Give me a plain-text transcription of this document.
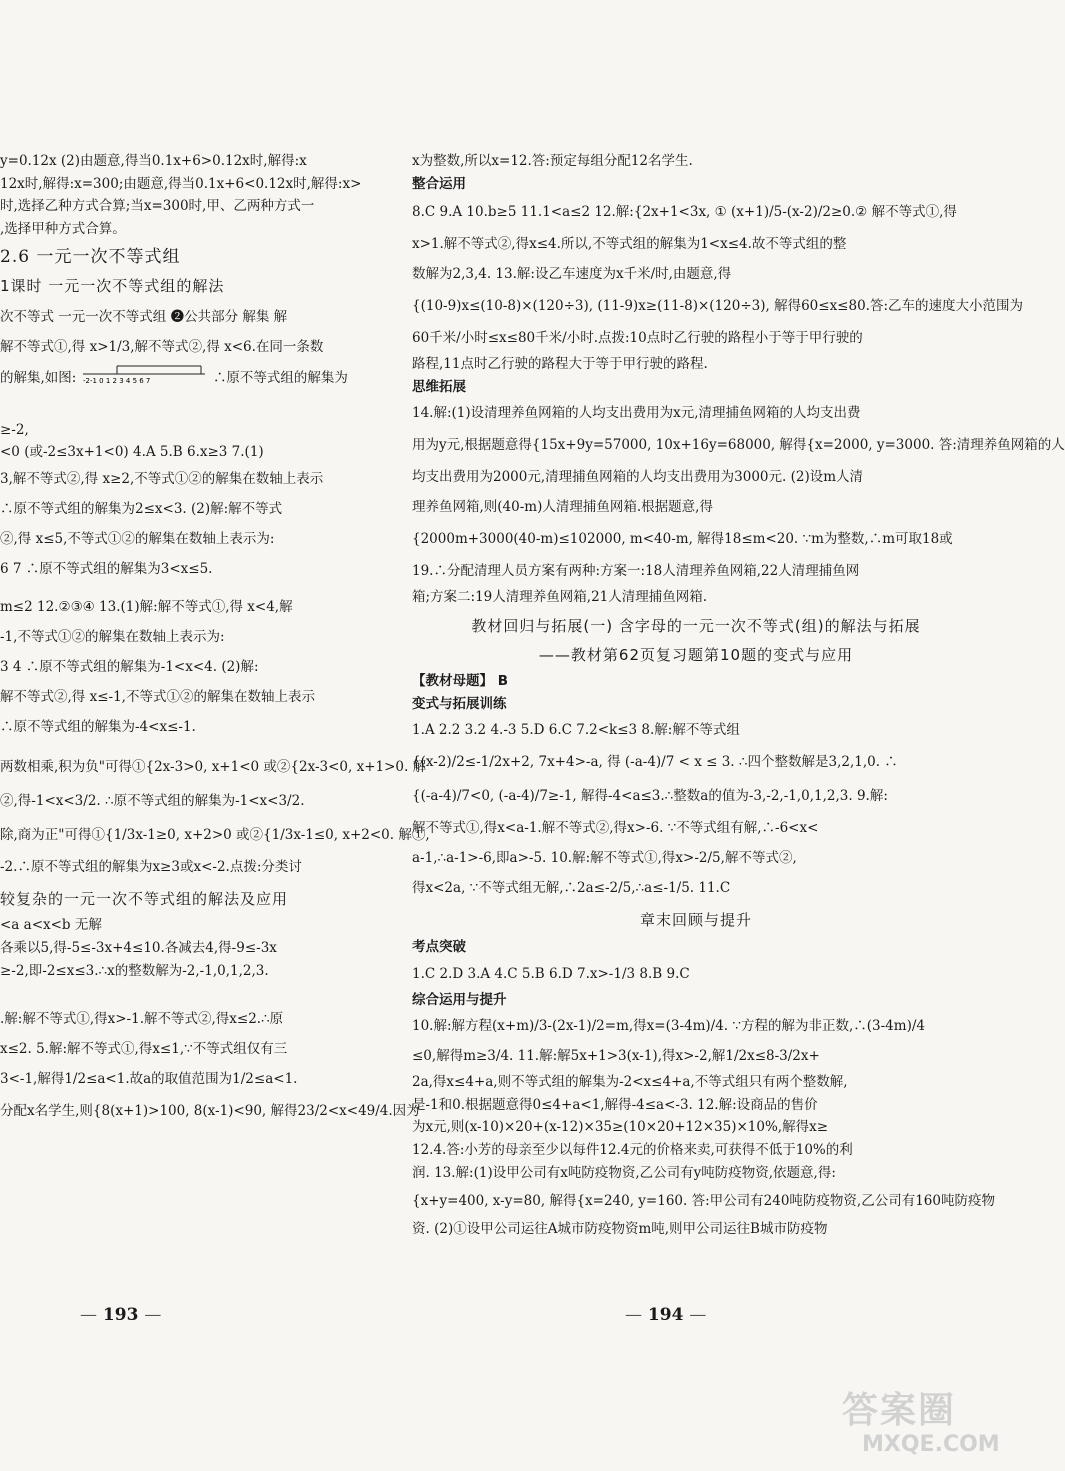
y=0.12x (2)由题意,得当0.1x+6>0.12x时,解得:x
12x时,解得:x=300;由题意,得当0.1x+6<0.12x时,解得:x>
时,选择乙种方式合算;当x=300时,甲、乙两种方式一
,选择甲种方式合算。
2.6 一元一次不等式组
1课时 一元一次不等式组的解法
次不等式 一元一次不等式组 ❷公共部分 解集 解
解不等式①,得 x>1/3,解不等式②,得 x<6.在同一条数
的解集,如图: -2-1 0 1 2 3 4 5 6 7	∴原不等式组的解集为
≥-2,
<0 (或-2≤3x+1<0) 4.A 5.B 6.x≥3 7.(1)
3,解不等式②,得 x≥2,不等式①②的解集在数轴上表示
∴原不等式组的解集为2≤x<3. (2)解:解不等式
②,得 x≤5,不等式①②的解集在数轴上表示为:
6 7 ∴原不等式组的解集为3<x≤5.
m≤2 12.②③④ 13.(1)解:解不等式①,得 x<4,解
-1,不等式①②的解集在数轴上表示为:
3 4 ∴原不等式组的解集为-1<x<4. (2)解:
解不等式②,得 x≤-1,不等式①②的解集在数轴上表示
∴原不等式组的解集为-4<x≤-1.
两数相乘,积为负"可得①{2x-3>0, x+1<0 或②{2x-3<0, x+1>0. 解
②,得-1<x<3/2. ∴原不等式组的解集为-1<x<3/2.
除,商为正"可得①{1/3x-1≥0, x+2>0 或②{1/3x-1≤0, x+2<0. 解①,
-2.∴原不等式组的解集为x≥3或x<-2.点拨:分类讨
较复杂的一元一次不等式组的解法及应用
<a a<x<b 无解
各乘以5,得-5≤-3x+4≤10.各减去4,得-9≤-3x
≥-2,即-2≤x≤3.∴x的整数解为-2,-1,0,1,2,3.
.解:解不等式①,得x>-1.解不等式②,得x≤2.∴原
x≤2. 5.解:解不等式①,得x≤1,∵不等式组仅有三
3<-1,解得1/2≤a<1.故a的取值范围为1/2≤a<1.
分配x名学生,则{8(x+1)>100, 8(x-1)<90, 解得23/2<x<49/4.因为
— 193 —
x为整数,所以x=12.答:预定每组分配12名学生.
整合运用
8.C 9.A 10.b≥5 11.1<a≤2 12.解:{2x+1<3x, ① (x+1)/5-(x-2)/2≥0.② 解不等式①,得
x>1.解不等式②,得x≤4.所以,不等式组的解集为1<x≤4.故不等式组的整
数解为2,3,4. 13.解:设乙车速度为x千米/时,由题意,得
{(10-9)x≤(10-8)×(120÷3), (11-9)x≥(11-8)×(120÷3), 解得60≤x≤80.答:乙车的速度大小范围为
60千米/小时≤x≤80千米/小时.点拨:10点时乙行驶的路程小于等于甲行驶的
路程,11点时乙行驶的路程大于等于甲行驶的路程.
思维拓展
14.解:(1)设清理养鱼网箱的人均支出费用为x元,清理捕鱼网箱的人均支出费
用为y元,根据题意得{15x+9y=57000, 10x+16y=68000, 解得{x=2000, y=3000. 答:清理养鱼网箱的人
均支出费用为2000元,清理捕鱼网箱的人均支出费用为3000元. (2)设m人清
理养鱼网箱,则(40-m)人清理捕鱼网箱.根据题意,得
{2000m+3000(40-m)≤102000, m<40-m, 解得18≤m<20. ∵m为整数,∴m可取18或
19.∴分配清理人员方案有两种:方案一:18人清理养鱼网箱,22人清理捕鱼网
箱;方案二:19人清理养鱼网箱,21人清理捕鱼网箱.
教材回归与拓展(一) 含字母的一元一次不等式(组)的解法与拓展
——教材第62页复习题第10题的变式与应用
【教材母题】 B
变式与拓展训练
1.A 2.2 3.2 4.-3 5.D 6.C 7.2<k≤3 8.解:解不等式组
{(x-2)/2≤-1/2x+2, 7x+4>-a, 得 (-a-4)/7 < x ≤ 3. ∴四个整数解是3,2,1,0. ∴
{(-a-4)/7<0, (-a-4)/7≥-1, 解得-4<a≤3.∴整数a的值为-3,-2,-1,0,1,2,3. 9.解:
解不等式①,得x<a-1.解不等式②,得x>-6. ∵不等式组有解,∴-6<x<
a-1,∴a-1>-6,即a>-5. 10.解:解不等式①,得x>-2/5,解不等式②,
得x<2a, ∵不等式组无解,∴2a≤-2/5,∴a≤-1/5. 11.C
章末回顾与提升
考点突破
1.C 2.D 3.A 4.C 5.B 6.D 7.x>-1/3 8.B 9.C
综合运用与提升
10.解:解方程(x+m)/3-(2x-1)/2=m,得x=(3-4m)/4. ∵方程的解为非正数,∴(3-4m)/4
≤0,解得m≥3/4. 11.解:解5x+1>3(x-1),得x>-2,解1/2x≤8-3/2x+
2a,得x≤4+a,则不等式组的解集为-2<x≤4+a,不等式组只有两个整数解,
是-1和0.根据题意得0≤4+a<1,解得-4≤a<-3. 12.解:设商品的售价
为x元,则(x-10)×20+(x-12)×35≥(10×20+12×35)×10%,解得x≥
12.4.答:小芳的母亲至少以每件12.4元的价格来卖,可获得不低于10%的利
润. 13.解:(1)设甲公司有x吨防疫物资,乙公司有y吨防疫物资,依题意,得:
{x+y=400, x-y=80, 解得{x=240, y=160. 答:甲公司有240吨防疫物资,乙公司有160吨防疫物
资. (2)①设甲公司运往A城市防疫物资m吨,则甲公司运往B城市防疫物
— 194 —
答案圈
MXQE.COM
